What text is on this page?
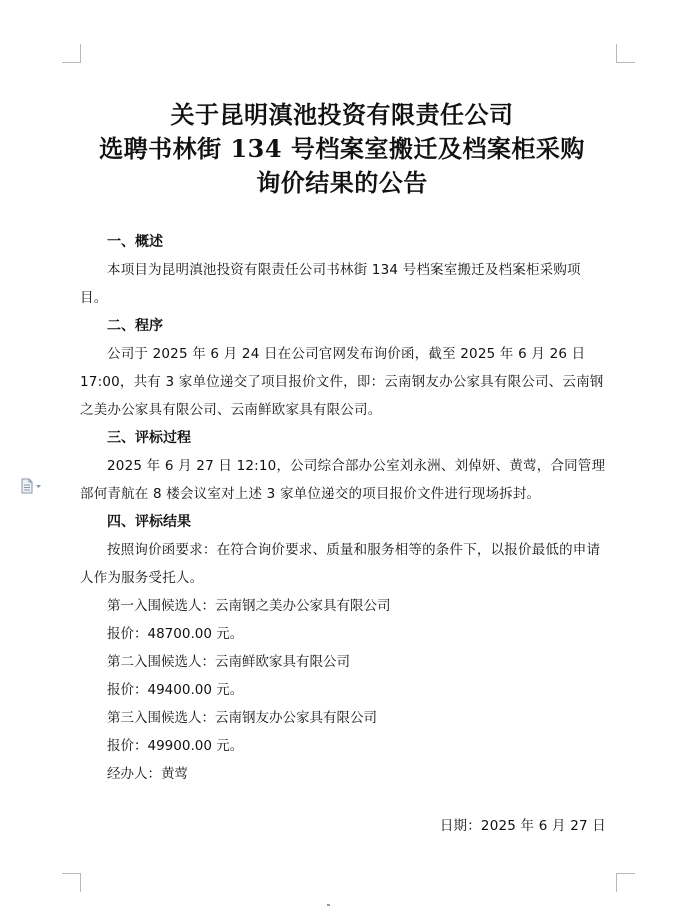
关于昆明滇池投资有限责任公司
选聘书林街 134 号档案室搬迁及档案柜采购
询价结果的公告
一、概述
本项目为昆明滇池投资有限责任公司书林街 134 号档案室搬迁及档案柜采购项目。
二、程序
公司于 2025 年 6 月 24 日在公司官网发布询价函，截至 2025 年 6 月 26 日 17:00，共有 3 家单位递交了项目报价文件，即：云南钢友办公家具有限公司、云南钢之美办公家具有限公司、云南鲜欧家具有限公司。
三、评标过程
2025 年 6 月 27 日 12:10，公司综合部办公室刘永洲、刘倬妍、黄莺，合同管理部何青航在 8 楼会议室对上述 3 家单位递交的项目报价文件进行现场拆封。
四、评标结果
按照询价函要求：在符合询价要求、质量和服务相等的条件下，以报价最低的申请人作为服务受托人。
第一入围候选人：云南钢之美办公家具有限公司
报价：48700.00 元。
第二入围候选人：云南鲜欧家具有限公司
报价：49400.00 元。
第三入围候选人：云南钢友办公家具有限公司
报价：49900.00 元。
经办人：黄莺
日期：2025 年 6 月 27 日
